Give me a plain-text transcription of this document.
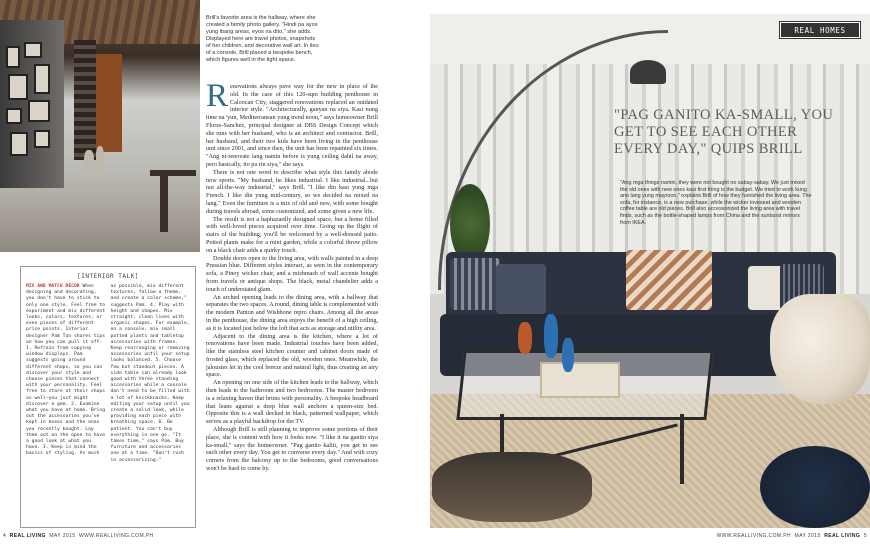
Brill's favorite area is the hallway, where she created a family photo gallery. "Hindi pa ayos yung ibang areas, eyos na dito," she adds. Displayed here are travel photos, snapshots of her children, and decorative wall art. In lieu of a console, Brill placed a bespoke bench, which figures well in the tight space.

Renovations always pave way for the new in place of the old. In the case of this 120-sqm building penthouse in Caloocan City, staggered renovations replaced an outdated interior style. "Architecturally, ganyan na siya. Kasi nung time na 'yun, Mediterranean yung trend noon," says homeowner Brill Flores-Sanchez, principal designer at DBS Design Concept which she runs with her husband, who is an architect and contractor. Brill, her husband, and their two kids have been living in the penthouse unit since 2001, and since then, the unit has been repainted six times. "Ang ni-renovate lang namin before is yung ceiling dahil na away, pero basically, ito pa rin siya," she says.

There is not one word to describe what style this family abode now sports. "My husband, he likes industrial. I like industrial...but not all-the-way industrial," says Brill. "I like din kasi yung mga French. I like din yung mid-century, so we decided na mixed na lang." Even the furniture is a mix of old and new, with some bought during travels abroad, some customized, and some given a new life.

The result is not a haphazardly designed space, but a home filled with well-loved pieces acquired over time. Going up the flight of stairs of the building, you'll be welcomed by a well-dressed patio. Potted plants make for a mini garden, while a colorful throw pillow on a black chair adds a quirky touch.

Double doors open to the living area, with walls painted in a deep Prussian blue. Different styles interact, as seen in the contemporary sofa, a Pinoy wicker chair, and a mishmash of wall accents bought from travels or antique shops. The black, metal chandelier adds a touch of understated glam.

An arched opening leads to the dining area, with a hallway that separates the two spaces. A round, dining table is complemented with the modern Panton and Wishbone repro chairs. Among all the areas in the penthouse, the dining area enjoys the benefit of a high ceiling, as it is located just below the loft that acts as storage and utility area.

Adjacent to the dining area is the kitchen, where a lot of renovations have been made. Industrial touches have been added, like the stainless steel kitchen counter and cabinet doors made of frosted glass, which replaced the old, wooden ones. Meanwhile, the jalousies let in the cool breeze and natural light, thus creating an airy space.

An opening on one side of the kitchen leads to the hallway, which then leads to the bathroom and two bedrooms. The master bedroom is a relaxing haven that brims with personality. A bespoke headboard that leans against a deep blue wall anchors a queen-size bed. Opposite this is a wall decked in black, patterned wallpaper, which serves as a playful backdrop for the TV.

Although Brill is still planning to improve some portions of their place, she is content with how it looks now. "I like it na ganito siya ka-small," says the homeowner. "Pag ganito kaliit, you get to see each other every day. You get to converse every day." And with cozy corners from the balcony up to the bedrooms, good conversations won't be hard to come by.

[INTERIOR TALK]
MIX AND MATCH DÉCOR When designing and decorating, you don't have to stick to only one style. Feel free to experiment and mix different looks, colors, textures, or even pieces of different price points. Interior designer Pam Tan shares tips on how you can pull it off. 1. Refrain from copying window displays. Pam suggests going around different shops, so you can discover your style and choose pieces that connect with your personality. Feel free to stare at their shops as well—you just might discover a gem. 2. Examine what you have at home. Bring out the accessories you've kept in boxes and the ones you recently bought. Lay them out on the open to have a good look at what you have. 3. Keep in mind the basics of styling. As much
as possible, mix different textures, follow a theme, and create a color scheme," suggests Pam. 4. Play with height and shapes. Mix straight, clean lines with organic shapes. For example, on a console, mix small potted plants and tabletop accessories with frames. Keep rearranging or removing accessories until your setup looks balanced. 5. Choose few but standout pieces. A side table can already look good with three standing accessories while a console don't need to be filled with a lot of knickknacks. Keep editing your setup until you create a solid look, while providing each piece with breathing space. 6. Be patient. You can't buy everything in one go. "It takes time," says Pam. Buy furniture and accessories one at a time. "Don't rush in accessorizing."
4 REAL LIVING MAY 2015 WWW.REALLIVING.COM.PH
REAL HOMES
"PAG GANITO KA-SMALL, YOU GET TO SEE EACH OTHER EVERY DAY," QUIPS BRILL
"Ang mga things namin, they were not bought no sabay-sabay. We just mixed the old ones with new ones kasi first thing is the budget. We tried to work kung ano lang yung mayroon," explains Brill of how they furnished the living area. The sofa, for instance, is a new purchase, while the wicker loveseat and wooden coffee table are old pieces. Brill also accessorized the living area with travel finds, such as the bottle-shaped lamps from China and the sunburst mirrors from IKEA.
WWW.REALLIVING.COM.PH MAY 2015 REAL LIVING 5
